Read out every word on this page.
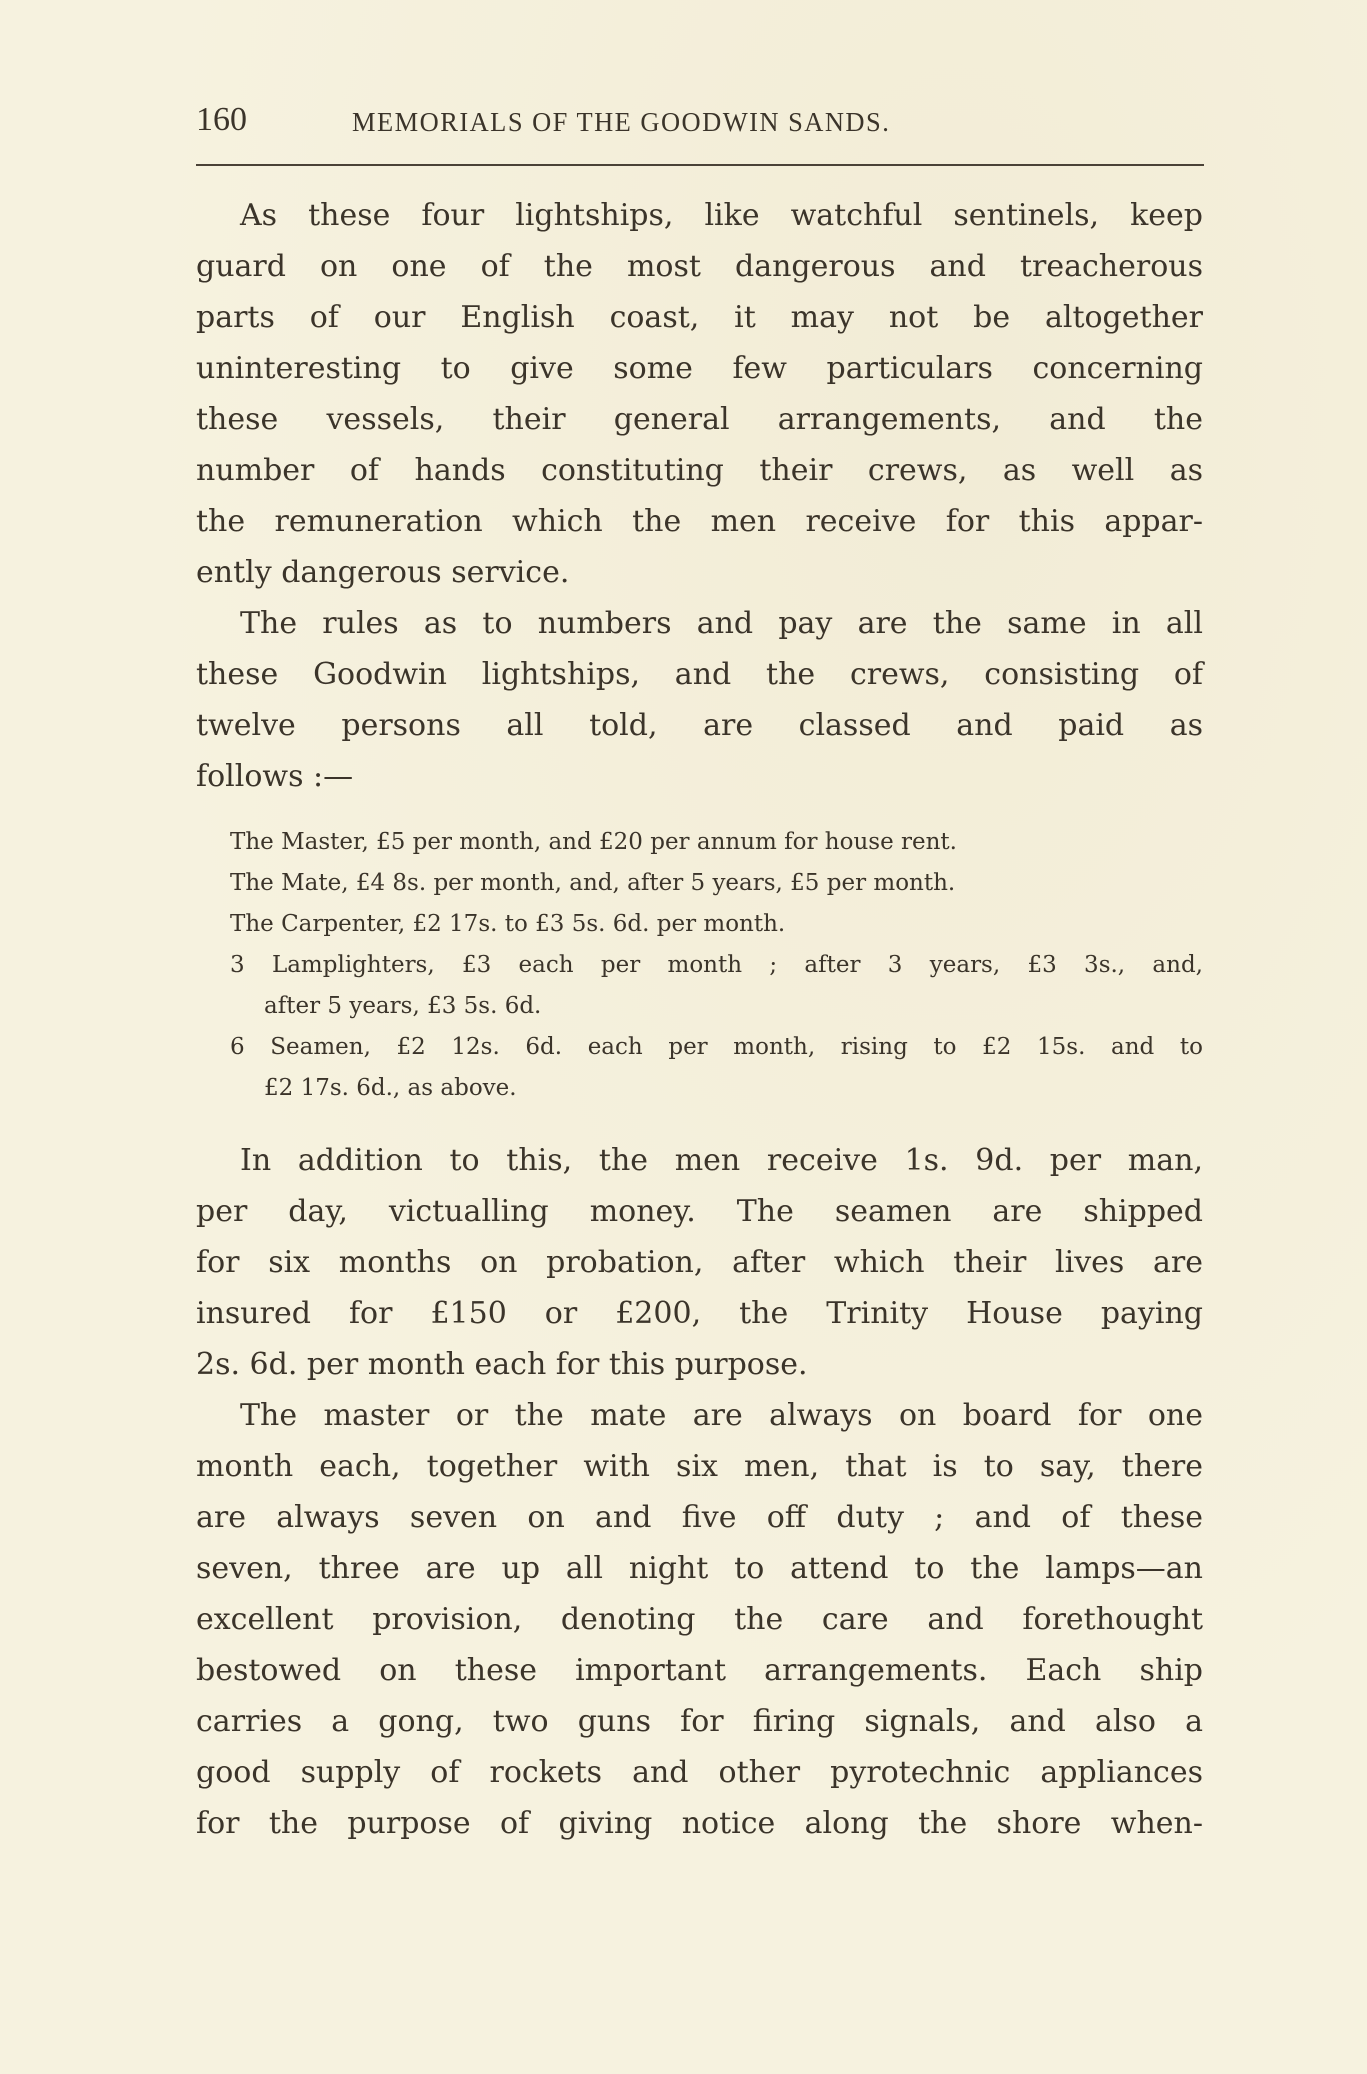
160	MEMORIALS OF THE GOODWIN SANDS.
As these four lightships, like watchful sentinels, keep
guard on one of the most dangerous and treacherous
parts of our English coast, it may not be altogether
uninteresting to give some few particulars concerning
these vessels, their general arrangements, and the
number of hands constituting their crews, as well as
the remuneration which the men receive for this appar-
ently dangerous service.
The rules as to numbers and pay are the same in all
these Goodwin lightships, and the crews, consisting of
twelve persons all told, are classed and paid as
follows :—
The Master, £5 per month, and £20 per annum for house rent.
The Mate, £4 8s. per month, and, after 5 years, £5 per month.
The Carpenter, £2 17s. to £3 5s. 6d. per month.
3 Lamplighters, £3 each per month ; after 3 years, £3 3s., and,
after 5 years, £3 5s. 6d.
6 Seamen, £2 12s. 6d. each per month, rising to £2 15s. and to
£2 17s. 6d., as above.
In addition to this, the men receive 1s. 9d. per man,
per day, victualling money. The seamen are shipped
for six months on probation, after which their lives are
insured for £150 or £200, the Trinity House paying
2s. 6d. per month each for this purpose.
The master or the mate are always on board for one
month each, together with six men, that is to say, there
are always seven on and five off duty ; and of these
seven, three are up all night to attend to the lamps—an
excellent provision, denoting the care and forethought
bestowed on these important arrangements. Each ship
carries a gong, two guns for firing signals, and also a
good supply of rockets and other pyrotechnic appliances
for the purpose of giving notice along the shore when-
